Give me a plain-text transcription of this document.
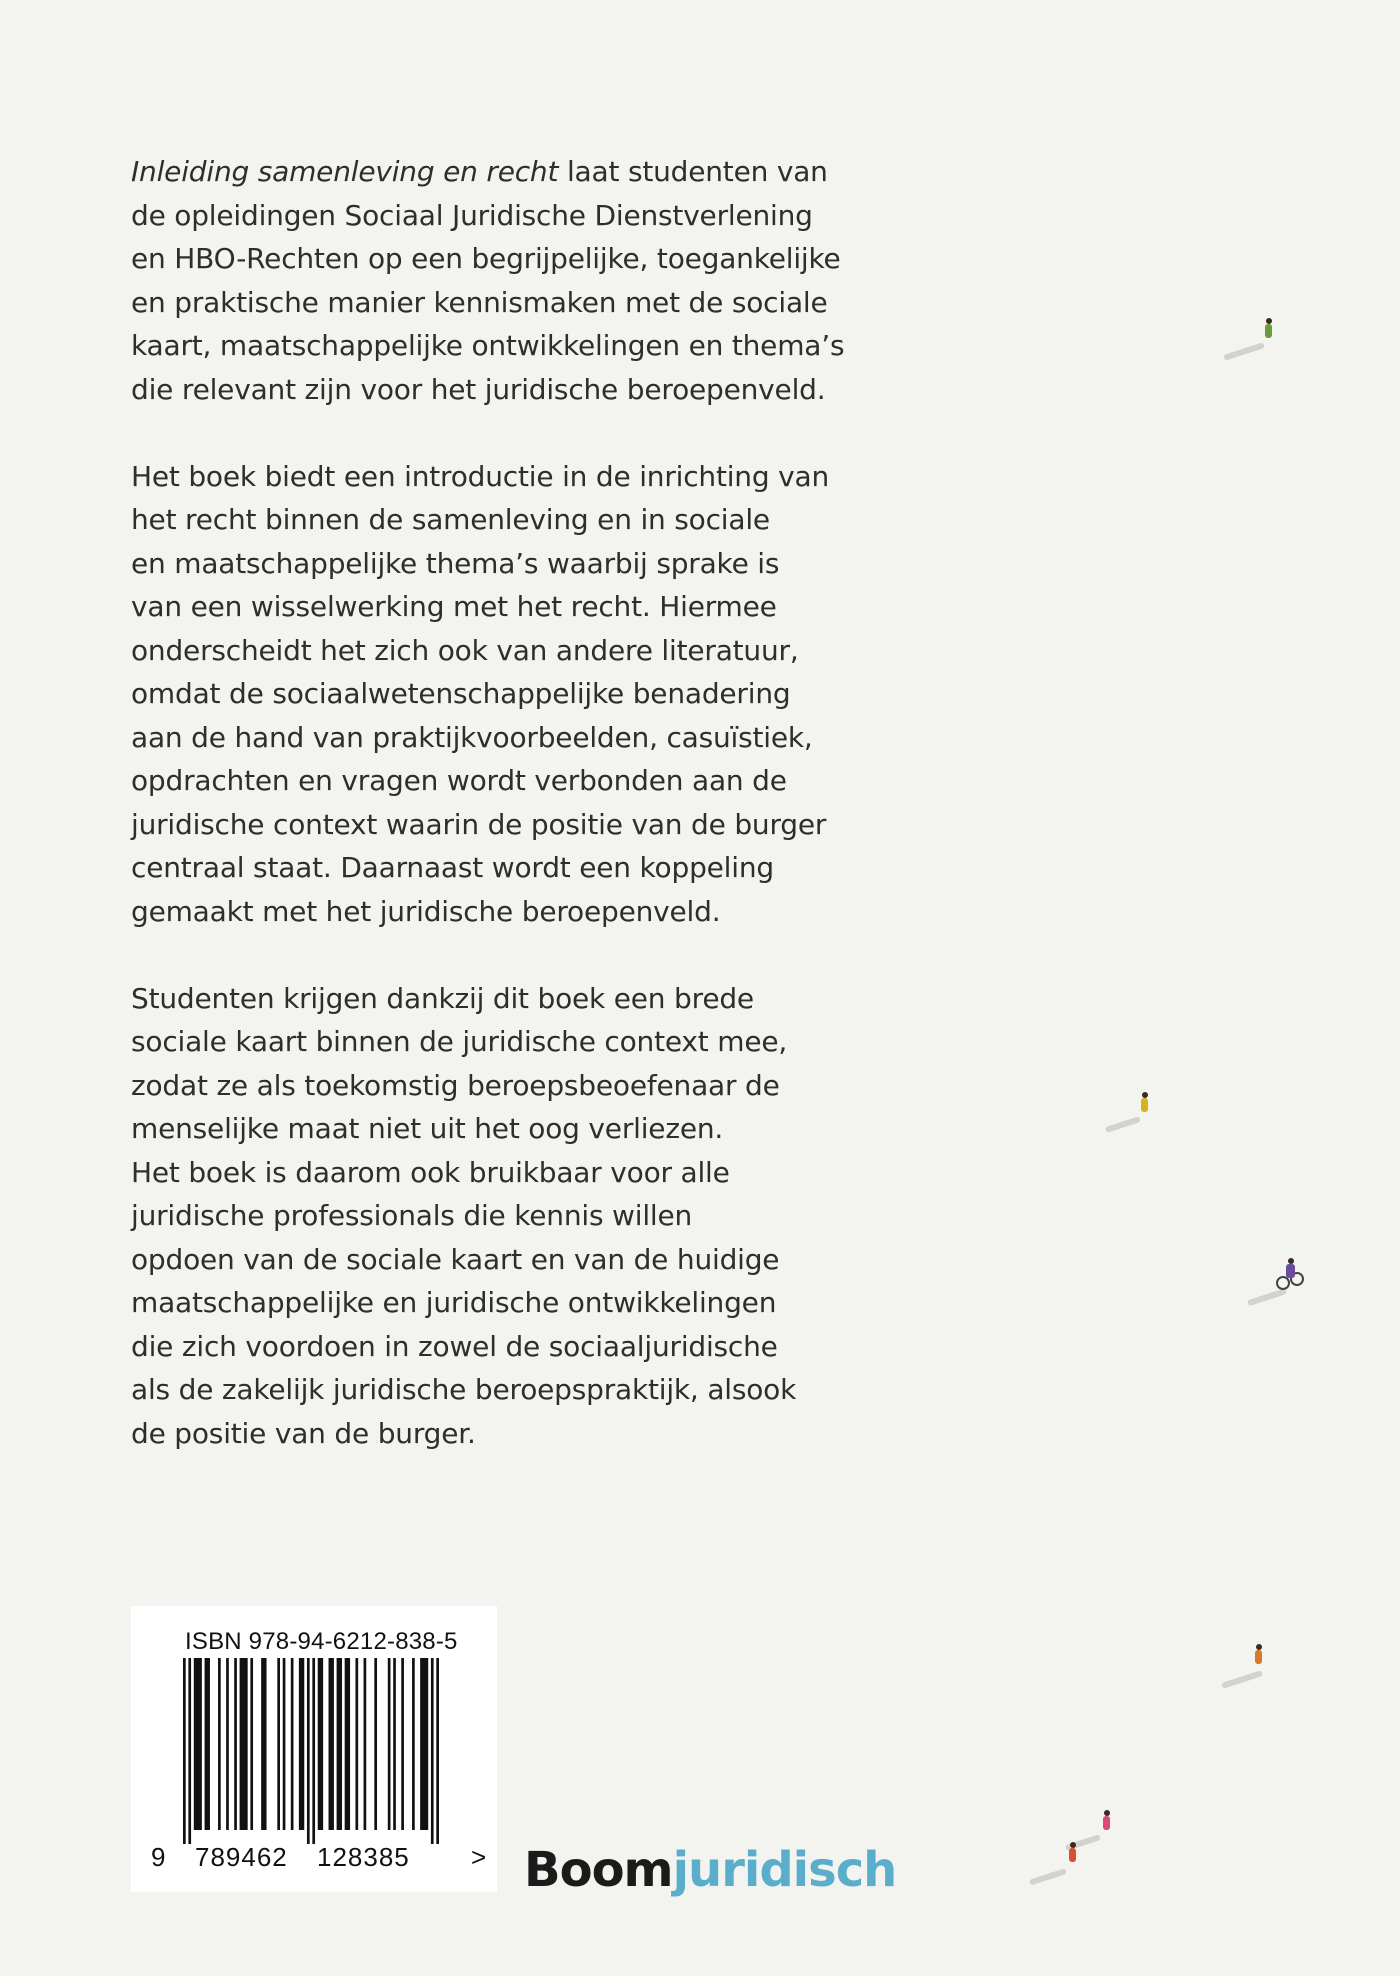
Inleiding samenleving en recht laat studenten van
de opleidingen Sociaal Juridische Dienstverlening
en HBO-Rechten op een begrijpelijke, toegankelijke
en praktische manier kennismaken met de sociale
kaart, maatschappelijke ontwikkelingen en thema’s
die relevant zijn voor het juridische beroepenveld.

Het boek biedt een introductie in de inrichting van
het recht binnen de samenleving en in sociale
en maatschappelijke thema’s waarbij sprake is
van een wisselwerking met het recht. Hiermee
onderscheidt het zich ook van andere literatuur,
omdat de sociaalwetenschappelijke benadering
aan de hand van praktijkvoorbeelden, casuïstiek,
opdrachten en vragen wordt verbonden aan de
juridische context waarin de positie van de burger
centraal staat. Daarnaast wordt een koppeling
gemaakt met het juridische beroepenveld.

Studenten krijgen dankzij dit boek een brede
sociale kaart binnen de juridische context mee,
zodat ze als toekomstig beroepsbeoefenaar de
menselijke maat niet uit het oog verliezen.
Het boek is daarom ook bruikbaar voor alle
juridische professionals die kennis willen
opdoen van de sociale kaart en van de huidige
maatschappelijke en juridische ontwikkelingen
die zich voordoen in zowel de sociaaljuridische
als de zakelijk juridische beroepspraktijk, alsook
de positie van de burger.

ISBN 978-94-6212-838-5
9 789462 128385 > Boomjuridisch
